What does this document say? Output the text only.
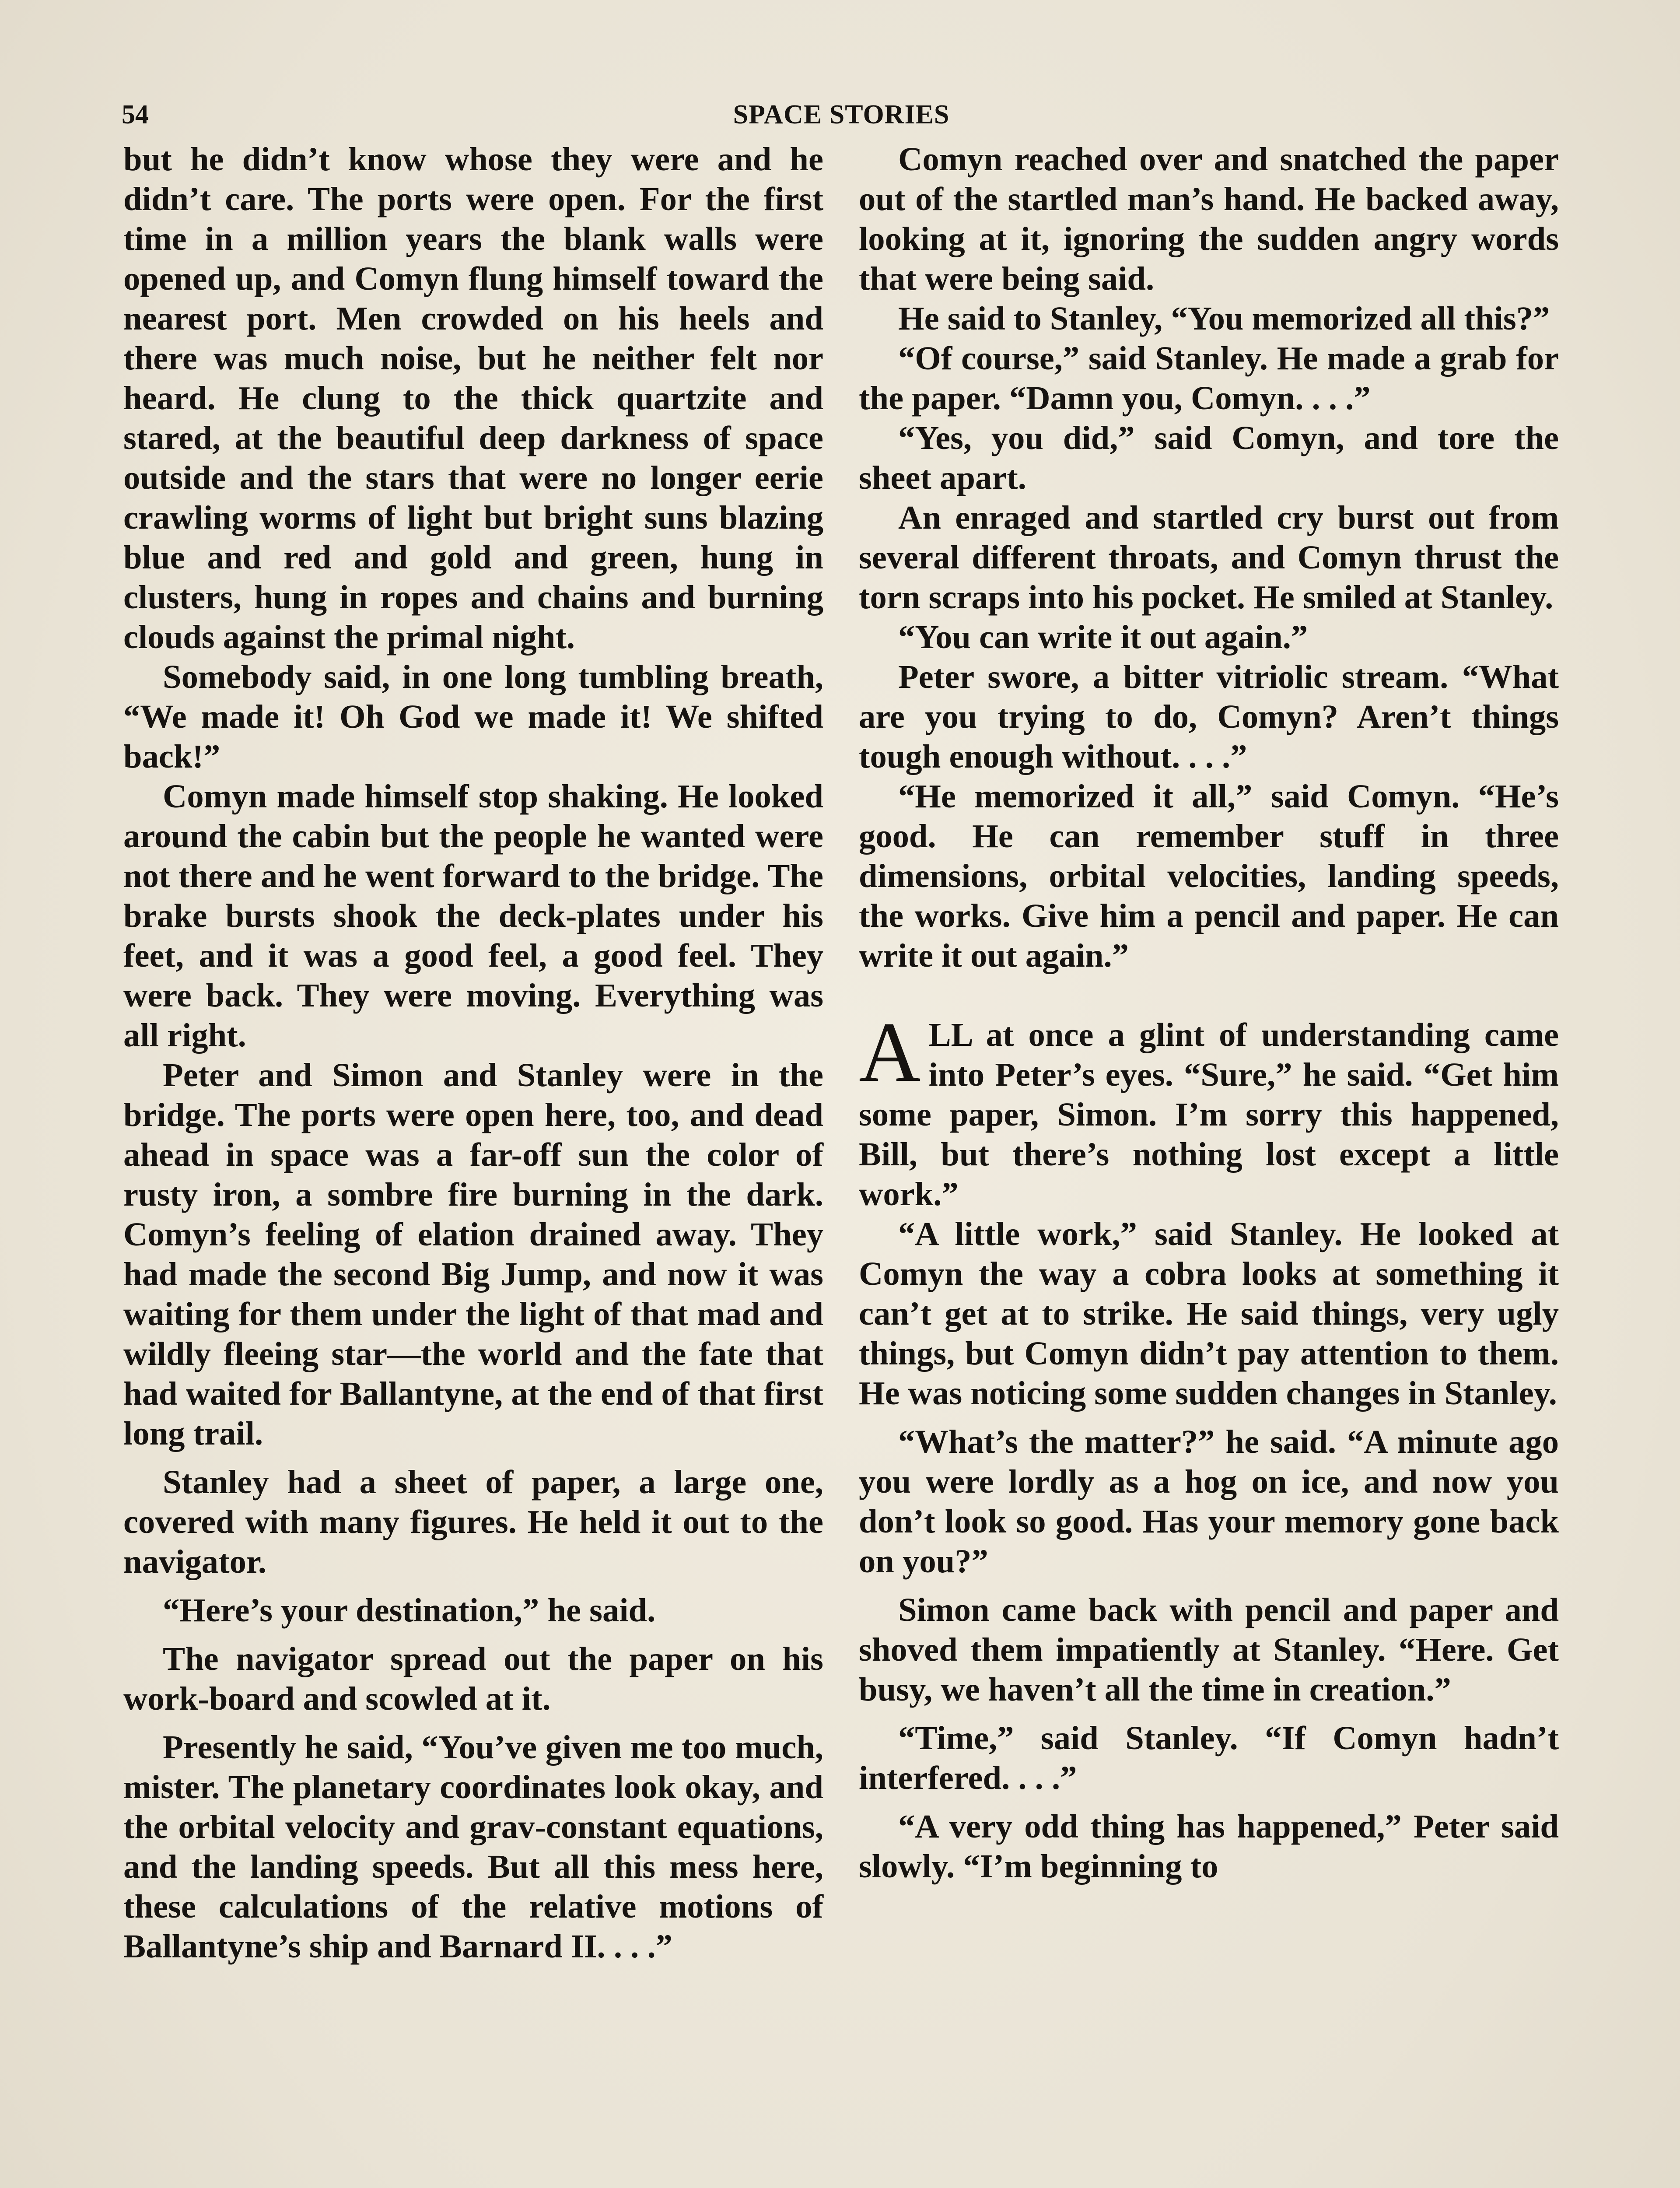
54	SPACE STORIES

but he didn’t know whose they were and he didn’t care. The ports were open. For the first time in a million years the blank walls were opened up, and Comyn flung himself toward the nearest port. Men crowded on his heels and there was much noise, but he neither felt nor heard. He clung to the thick quartzite and stared, at the beautiful deep darkness of space outside and the stars that were no longer eerie crawling worms of light but bright suns blazing blue and red and gold and green, hung in clusters, hung in ropes and chains and burning clouds against the primal night.

Somebody said, in one long tumbling breath, “We made it! Oh God we made it! We shifted back!”

Comyn made himself stop shaking. He looked around the cabin but the people he wanted were not there and he went forward to the bridge. The brake bursts shook the deck-plates under his feet, and it was a good feel, a good feel. They were back. They were moving. Everything was all right.

Peter and Simon and Stanley were in the bridge. The ports were open here, too, and dead ahead in space was a far-off sun the color of rusty iron, a sombre fire burning in the dark. Comyn’s feeling of elation drained away. They had made the second Big Jump, and now it was waiting for them under the light of that mad and wildly fleeing star—the world and the fate that had waited for Ballantyne, at the end of that first long trail.

Stanley had a sheet of paper, a large one, covered with many figures. He held it out to the navigator.

“Here’s your destination,” he said.

The navigator spread out the paper on his work-board and scowled at it.

Presently he said, “You’ve given me too much, mister. The planetary coordinates look okay, and the orbital velocity and grav-constant equations, and the landing speeds. But all this mess here, these calculations of the relative motions of Ballantyne’s ship and Barnard II. . . .”

Comyn reached over and snatched the paper out of the startled man’s hand. He backed away, looking at it, ignoring the sudden angry words that were being said.

He said to Stanley, “You memorized all this?”

“Of course,” said Stanley. He made a grab for the paper. “Damn you, Comyn. . . .”

“Yes, you did,” said Comyn, and tore the sheet apart.

An enraged and startled cry burst out from several different throats, and Comyn thrust the torn scraps into his pocket. He smiled at Stanley.

“You can write it out again.”

Peter swore, a bitter vitriolic stream. “What are you trying to do, Comyn? Aren’t things tough enough without. . . .”

“He memorized it all,” said Comyn. “He’s good. He can remember stuff in three dimensions, orbital velocities, landing speeds, the works. Give him a pencil and paper. He can write it out again.”

ALL at once a glint of understanding came into Peter’s eyes. “Sure,” he said. “Get him some paper, Simon. I’m sorry this happened, Bill, but there’s nothing lost except a little work.”

“A little work,” said Stanley. He looked at Comyn the way a cobra looks at something it can’t get at to strike. He said things, very ugly things, but Comyn didn’t pay attention to them. He was noticing some sudden changes in Stanley.

“What’s the matter?” he said. “A minute ago you were lordly as a hog on ice, and now you don’t look so good. Has your memory gone back on you?”

Simon came back with pencil and paper and shoved them impatiently at Stanley. “Here. Get busy, we haven’t all the time in creation.”

“Time,” said Stanley. “If Comyn hadn’t interfered. . . .”

“A very odd thing has happened,” Peter said slowly. “I’m beginning to
